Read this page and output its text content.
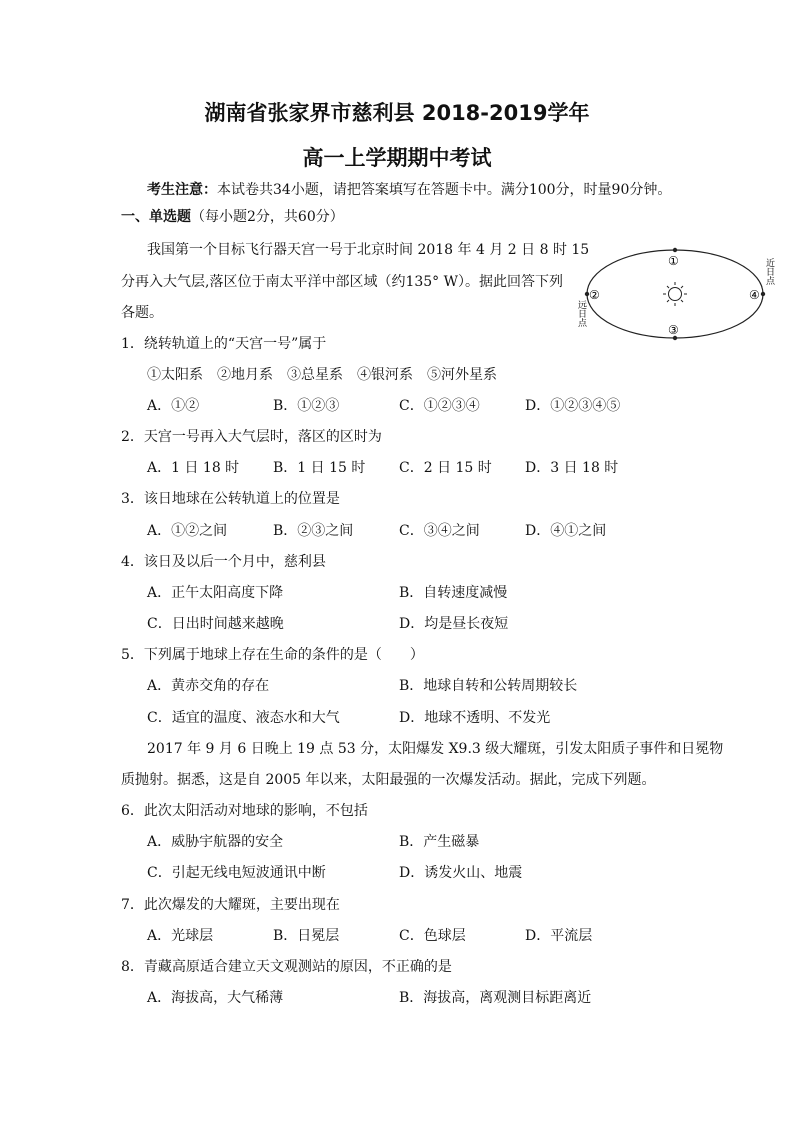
湖南省张家界市慈利县 2018-2019学年
高一上学期期中考试
考生注意：本试卷共34小题，请把答案填写在答题卡中。满分100分，时量90分钟。
一、单选题（每小题2分，共60分）
我国第一个目标飞行器天宫一号于北京时间 2018 年 4 月 2 日 8 时 15
分再入大气层,落区位于南太平洋中部区域（约135° W）。据此回答下列
各题。
①
②
③
④
近日点
远日点
1．绕转轨道上的“天宫一号”属于
①太阳系　②地月系　③总星系　④银河系　⑤河外星系
A．①②	B．①②③	C．①②③④	D．①②③④⑤
2．天宫一号再入大气层时，落区的区时为
A．1 日 18 时 B．1 日 15 时 C．2 日 15 时 D．3 日 18 时
3．该日地球在公转轨道上的位置是
A．①②之间	B．②③之间	C．③④之间	D．④①之间
4．该日及以后一个月中，慈利县
A．正午太阳高度下降	B．自转速度减慢
C．日出时间越来越晚	D．均是昼长夜短
5．下列属于地球上存在生命的条件的是（　　）
A．黄赤交角的存在	B．地球自转和公转周期较长
C．适宜的温度、液态水和大气	D．地球不透明、不发光
2017 年 9 月 6 日晚上 19 点 53 分，太阳爆发 X9.3 级大耀斑，引发太阳质子事件和日冕物
质抛射。据悉，这是自 2005 年以来，太阳最强的一次爆发活动。据此，完成下列题。
6．此次太阳活动对地球的影响，不包括
A．威胁宇航器的安全	B．产生磁暴
C．引起无线电短波通讯中断	D．诱发火山、地震
7．此次爆发的大耀斑，主要出现在
A．光球层	B．日冕层	C．色球层	D．平流层
8．青藏高原适合建立天文观测站的原因，不正确的是
A．海拔高，大气稀薄	B．海拔高，离观测目标距离近
